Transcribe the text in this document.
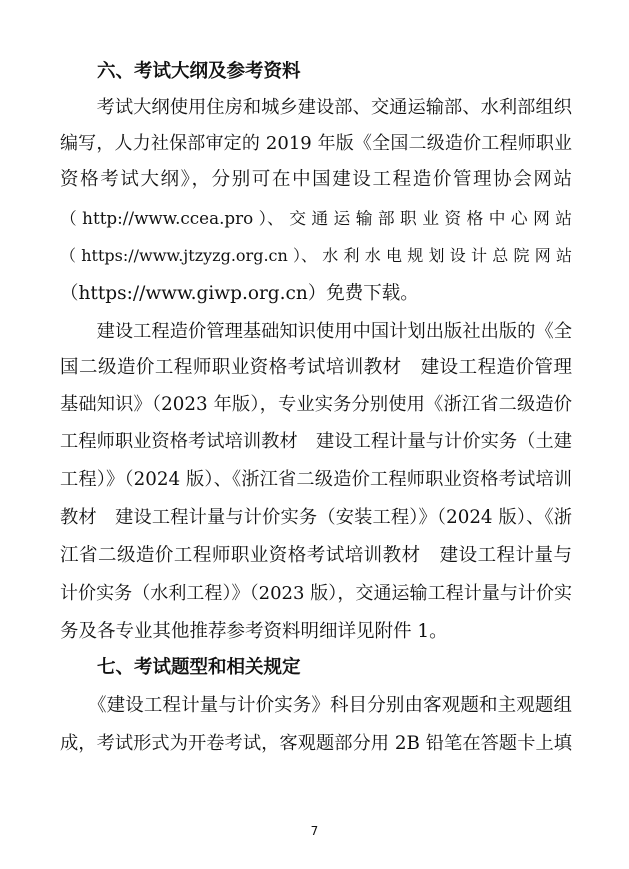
六、考试大纲及参考资料
　　考试大纲使用住房和城乡建设部、交通运输部、水利部组织
编写，人力社保部审定的 2019 年版《全国二级造价工程师职业
资格考试大纲》，分别可在中国建设工程造价管理协会网站
（ http://www.ccea.pro ）、 交 通 运 输 部 职 业 资 格 中 心 网 站
（ https://www.jtzyzg.org.cn ）、 水 利 水 电 规 划 设 计 总 院 网 站
（https://www.giwp.org.cn）免费下载。
　　建设工程造价管理基础知识使用中国计划出版社出版的《全
国二级造价工程师职业资格考试培训教材　建设工程造价管理
基础知识》（2023 年版），专业实务分别使用《浙江省二级造价
工程师职业资格考试培训教材　建设工程计量与计价实务（土建
工程）》（2024 版）、《浙江省二级造价工程师职业资格考试培训
教材　建设工程计量与计价实务（安装工程）》（2024 版）、《浙
江省二级造价工程师职业资格考试培训教材　建设工程计量与
计价实务（水利工程）》（2023 版），交通运输工程计量与计价实
务及各专业其他推荐参考资料明细详见附件 1。
七、考试题型和相关规定
　　《建设工程计量与计价实务》科目分别由客观题和主观题组
成，考试形式为开卷考试，客观题部分用 2B 铅笔在答题卡上填
7
